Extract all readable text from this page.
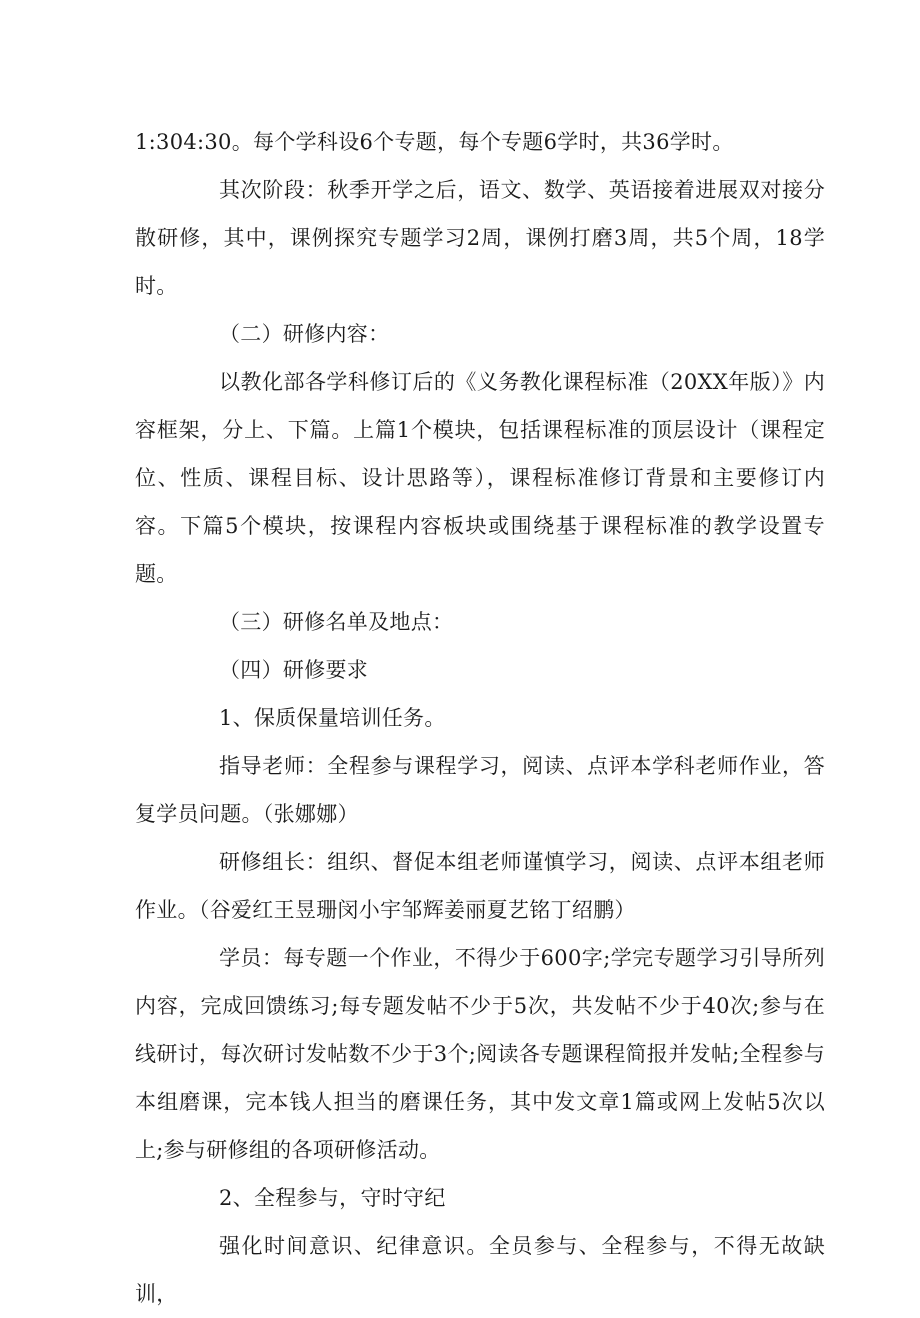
1:304:30。每个学科设6个专题，每个专题6学时，共36学时。

其次阶段：秋季开学之后，语文、数学、英语接着进展双对接分散研修，其中，课例探究专题学习2周，课例打磨3周，共5个周，18学时。

（二）研修内容：

以教化部各学科修订后的《义务教化课程标准（20XX年版）》内容框架，分上、下篇。上篇1个模块，包括课程标准的顶层设计（课程定位、性质、课程目标、设计思路等），课程标准修订背景和主要修订内容。下篇5个模块，按课程内容板块或围绕基于课程标准的教学设置专题。

（三）研修名单及地点：

（四）研修要求

1、保质保量培训任务。

指导老师：全程参与课程学习，阅读、点评本学科老师作业，答复学员问题。（张娜娜）

研修组长：组织、督促本组老师谨慎学习，阅读、点评本组老师作业。（谷爱红王昱珊闵小宇邹辉姜丽夏艺铭丁绍鹏）

学员：每专题一个作业，不得少于600字;学完专题学习引导所列内容，完成回馈练习;每专题发帖不少于5次，共发帖不少于40次;参与在线研讨，每次研讨发帖数不少于3个;阅读各专题课程简报并发帖;全程参与本组磨课，完本钱人担当的磨课任务，其中发文章1篇或网上发帖5次以上;参与研修组的各项研修活动。

2、全程参与，守时守纪

强化时间意识、纪律意识。全员参与、全程参与，不得无故缺训，
